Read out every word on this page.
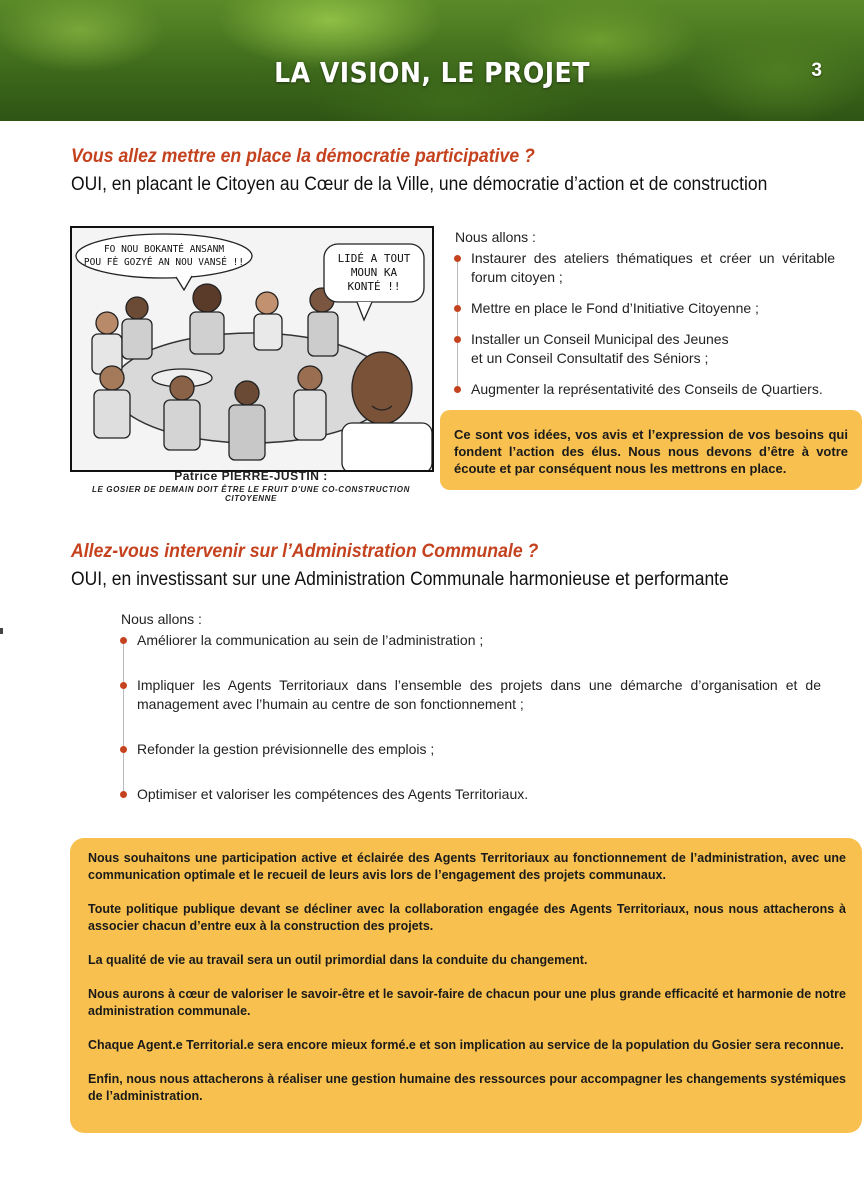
LA VISION, LE PROJET	3
Vous allez mettre en place la démocratie participative ?
OUI, en placant le Citoyen au Cœur de la Ville, une démocratie d’action et de construction
FO NOU BOKANTÉ ANSANM
POU FÈ GOZYÉ AN NOU VANSÉ !!	LIDÉ A TOUT
MOUN KA
KONTÉ !!
Patrice PIERRE-JUSTIN :
LE GOSIER DE DEMAIN DOIT ÊTRE LE FRUIT D'UNE CO-CONSTRUCTION CITOYENNE
Nous allons :
Instaurer des ateliers thématiques et créer un véritable forum citoyen ;
Mettre en place le Fond d’Initiative Citoyenne ;
Installer un Conseil Municipal des Jeunes et un Conseil Consultatif des Séniors ;
Augmenter la représentativité des Conseils de Quartiers.
Ce sont vos idées, vos avis et l’expression de vos besoins qui fondent l’action des élus. Nous nous devons d’être à votre écoute et par conséquent nous les mettrons en place.
Allez-vous intervenir sur l’Administration Communale ?
OUI, en investissant sur une Administration Communale harmonieuse et performante
Nous allons :
Améliorer la communication au sein de l’administration ;
Impliquer les Agents Territoriaux dans l’ensemble des projets dans une démarche d’organisation et de management avec l’humain au centre de son fonctionnement ;
Refonder la gestion prévisionnelle des emplois ;
Optimiser et valoriser les compétences des Agents Territoriaux.

Nous souhaitons une participation active et éclairée des Agents Territoriaux au fonctionnement de l’administration, avec une communication optimale et le recueil de leurs avis lors de l’engagement des projets communaux.

Toute politique publique devant se décliner avec la collaboration engagée des Agents Territoriaux, nous nous attacherons à associer chacun d’entre eux à la construction des projets.

La qualité de vie au travail sera un outil primordial dans la conduite du changement.

Nous aurons à cœur de valoriser le savoir-être et le savoir-faire de chacun pour une plus grande efficacité et harmonie de notre administration communale.

Chaque Agent.e Territorial.e sera encore mieux formé.e et son implication au service de la population du Gosier sera reconnue.

Enfin, nous nous attacherons à réaliser une gestion humaine des ressources pour accompagner les changements systémiques de l’administration.
